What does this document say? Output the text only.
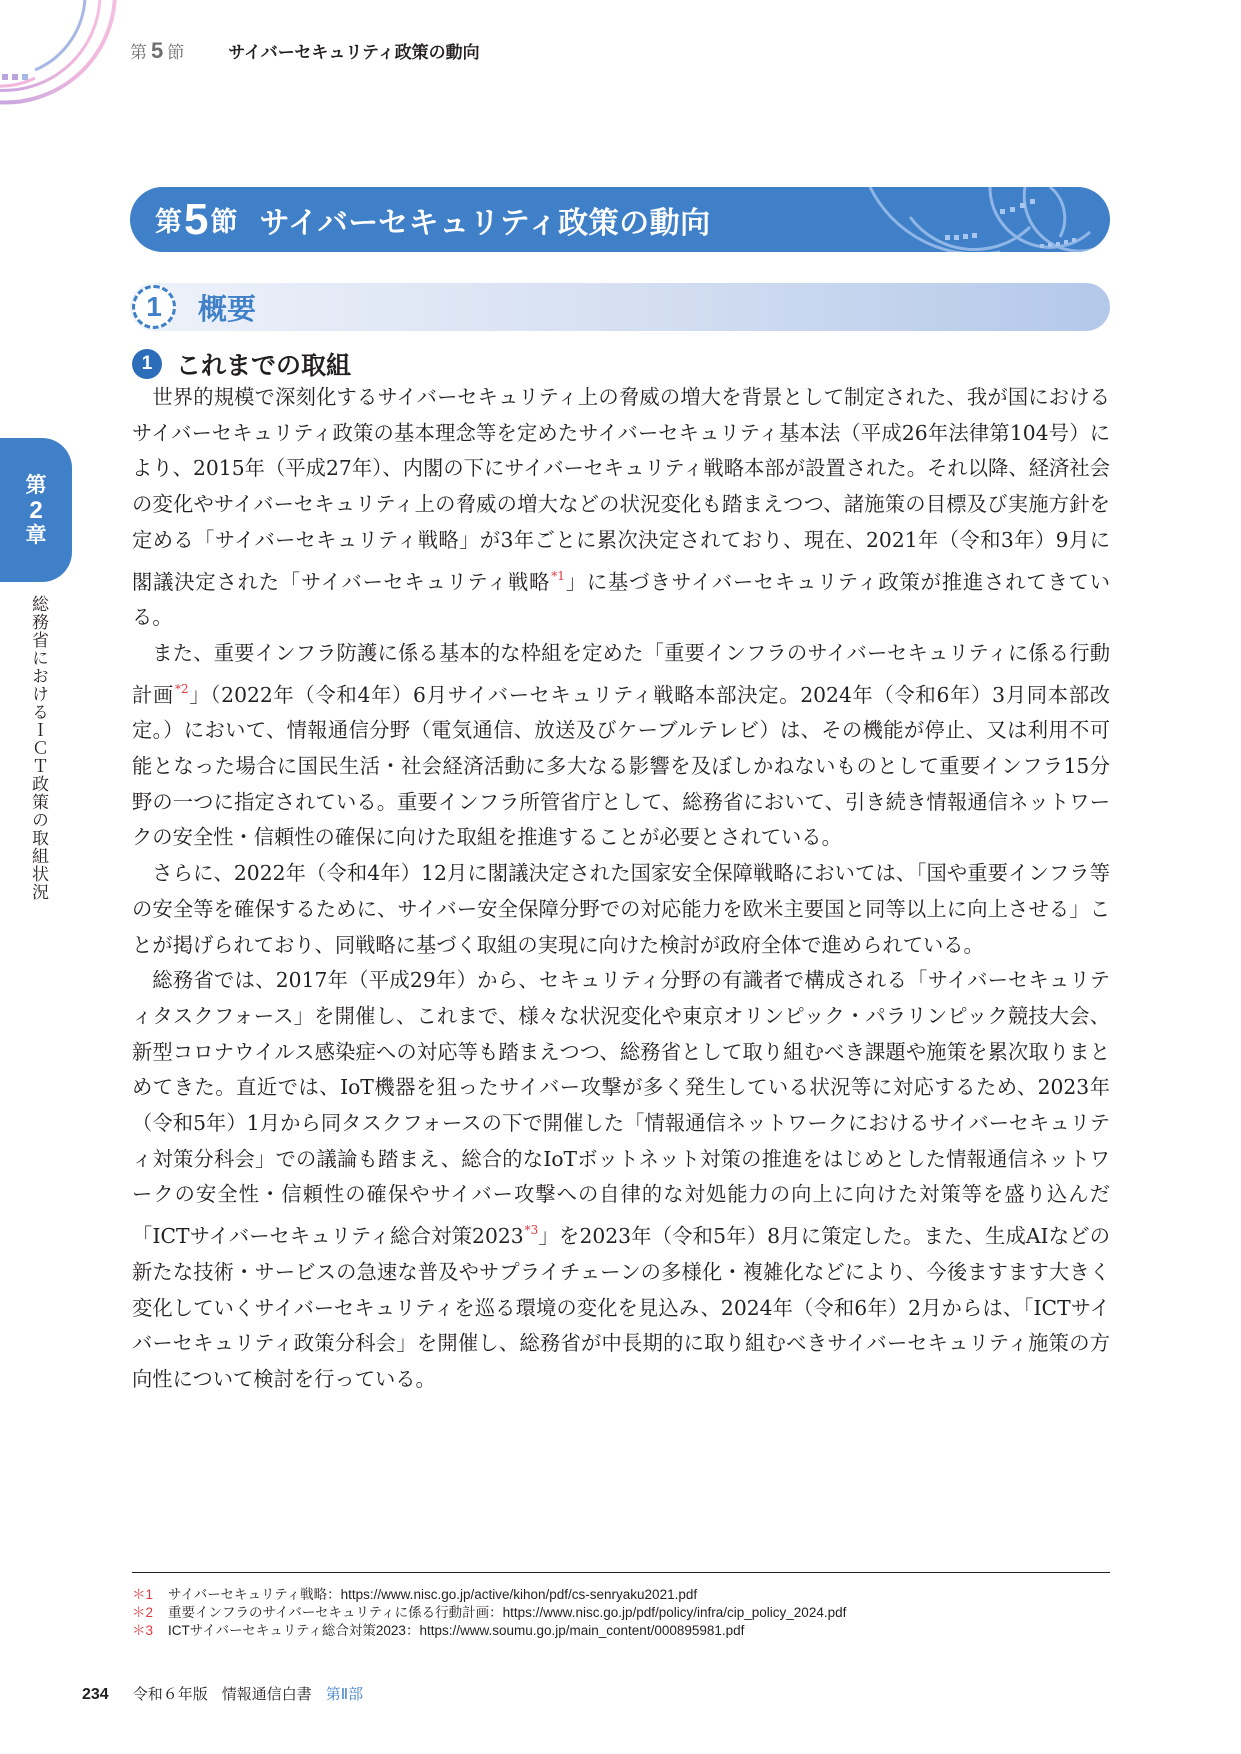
第 5 節	サイバーセキュリティ政策の動向
第 5 節 サイバーセキュリティ政策の動向
1	概要
1 これまでの取組
第
2
章
総務省におけるＩＣＴ政策の取組状況

世界的規模で深刻化するサイバーセキュリティ上の脅威の増大を背景として制定された、我が国におけるサイバーセキュリティ政策の基本理念等を定めたサイバーセキュリティ基本法（平成26年法律第104号）により、2015年（平成27年）、内閣の下にサイバーセキュリティ戦略本部が設置された。それ以降、経済社会の変化やサイバーセキュリティ上の脅威の増大などの状況変化も踏まえつつ、諸施策の目標及び実施方針を定める「サイバーセキュリティ戦略」が3年ごとに累次決定されており、現在、2021年（令和3年）9月に閣議決定された「サイバーセキュリティ戦略$^{*1}$」に基づきサイバーセキュリティ政策が推進されてきている。

また、重要インフラ防護に係る基本的な枠組を定めた「重要インフラのサイバーセキュリティに係る行動計画$^{*2}$」（2022年（令和4年）6月サイバーセキュリティ戦略本部決定。2024年（令和6年）3月同本部改定。）において、情報通信分野（電気通信、放送及びケーブルテレビ）は、その機能が停止、又は利用不可能となった場合に国民生活・社会経済活動に多大なる影響を及ぼしかねないものとして重要インフラ15分野の一つに指定されている。重要インフラ所管省庁として、総務省において、引き続き情報通信ネットワークの安全性・信頼性の確保に向けた取組を推進することが必要とされている。

さらに、2022年（令和4年）12月に閣議決定された国家安全保障戦略においては、「国や重要インフラ等の安全等を確保するために、サイバー安全保障分野での対応能力を欧米主要国と同等以上に向上させる」ことが掲げられており、同戦略に基づく取組の実現に向けた検討が政府全体で進められている。

総務省では、2017年（平成29年）から、セキュリティ分野の有識者で構成される「サイバーセキュリティタスクフォース」を開催し、これまで、様々な状況変化や東京オリンピック・パラリンピック競技大会、新型コロナウイルス感染症への対応等も踏まえつつ、総務省として取り組むべき課題や施策を累次取りまとめてきた。直近では、IoT機器を狙ったサイバー攻撃が多く発生している状況等に対応するため、2023年（令和5年）1月から同タスクフォースの下で開催した「情報通信ネットワークにおけるサイバーセキュリティ対策分科会」での議論も踏まえ、総合的なIoTボットネット対策の推進をはじめとした情報通信ネットワークの安全性・信頼性の確保やサイバー攻撃への自律的な対処能力の向上に向けた対策等を盛り込んだ「ICTサイバーセキュリティ総合対策2023$^{*3}$」を2023年（令和5年）8月に策定した。また、生成AIなどの新たな技術・サービスの急速な普及やサプライチェーンの多様化・複雑化などにより、今後ますます大きく変化していくサイバーセキュリティを巡る環境の変化を見込み、2024年（令和6年）2月からは、「ICTサイバーセキュリティ政策分科会」を開催し、総務省が中長期的に取り組むべきサイバーセキュリティ施策の方向性について検討を行っている。

＊1	サイバーセキュリティ戦略：https://www.nisc.go.jp/active/kihon/pdf/cs-senryaku2021.pdf
＊2	重要インフラのサイバーセキュリティに係る行動計画：https://www.nisc.go.jp/pdf/policy/infra/cip_policy_2024.pdf
＊3	ICTサイバーセキュリティ総合対策2023：https://www.soumu.go.jp/main_content/000895981.pdf
234 令和６年版 情報通信白書 第Ⅱ部
